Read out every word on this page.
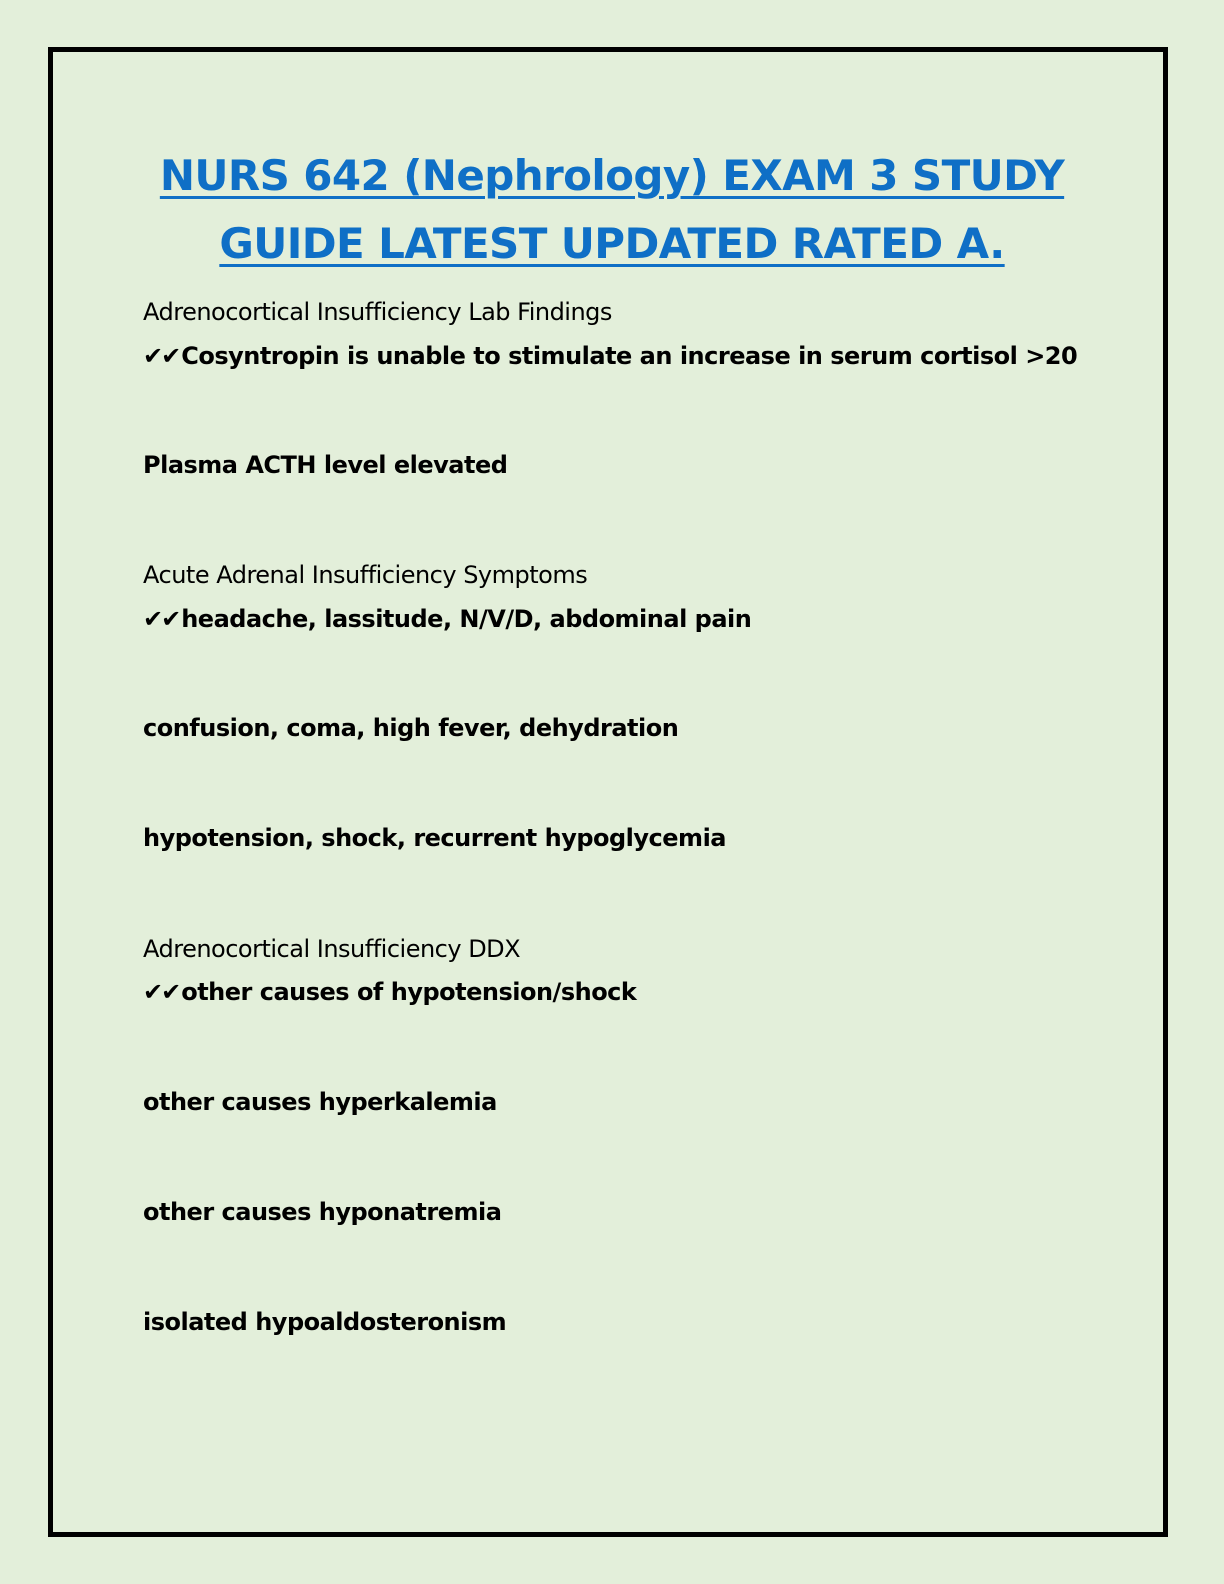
NURS 642 (Nephrology) EXAM 3 STUDY
GUIDE LATEST UPDATED RATED A.

Adrenocortical Insufficiency Lab Findings

✔✔Cosyntropin is unable to stimulate an increase in serum cortisol >20

Plasma ACTH level elevated

Acute Adrenal Insufficiency Symptoms

✔✔headache, lassitude, N/V/D, abdominal pain

confusion, coma, high fever, dehydration

hypotension, shock, recurrent hypoglycemia

Adrenocortical Insufficiency DDX

✔✔other causes of hypotension/shock

other causes hyperkalemia

other causes hyponatremia

isolated hypoaldosteronism
